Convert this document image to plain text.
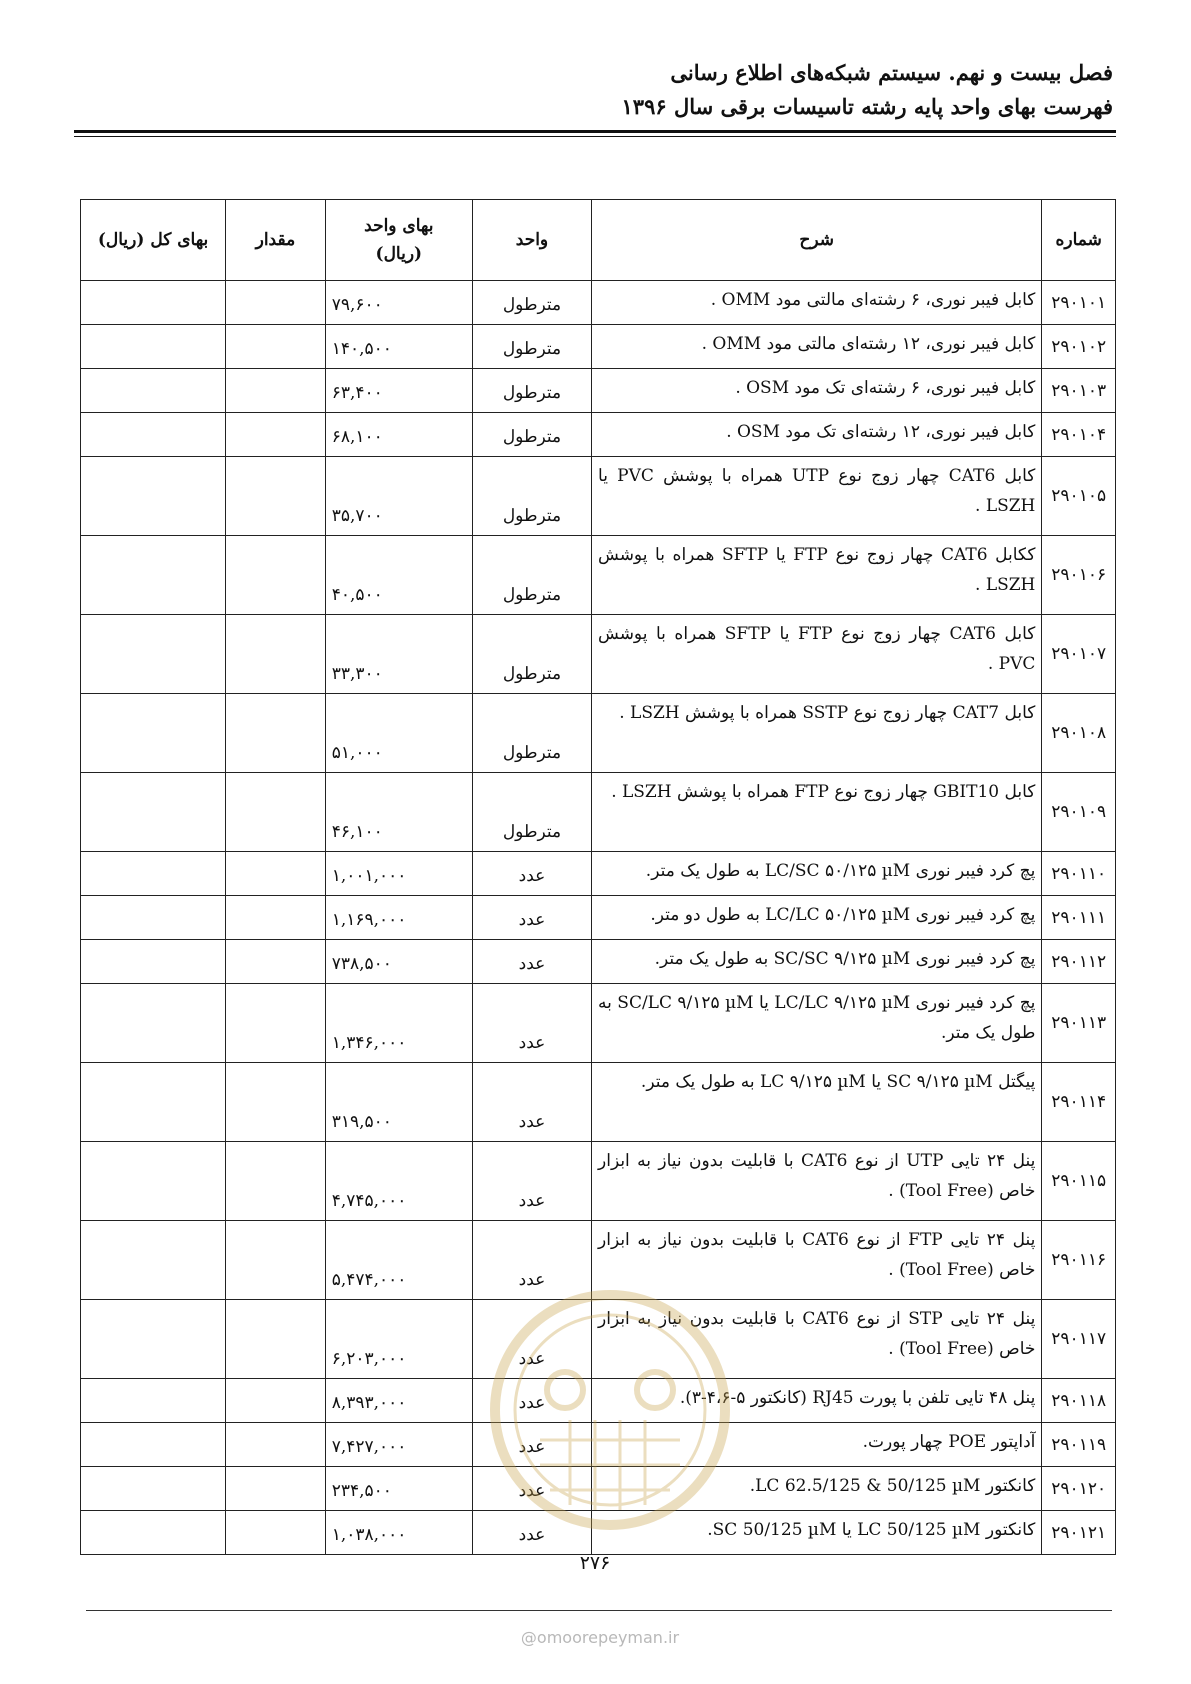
فصل بیست و نهم. سیستم شبکه‌های اطلاع رسانی
فهرست بهای واحد پایه رشته تاسیسات برقی سال ۱۳۹۶
شماره	شرح	واحد	بهای واحد
(ریال)	مقدار	بهای کل (ریال)
۲۹۰۱۰۱	کابل فیبر نوری، ۶ رشته‌ای مالتی مود OMM .	مترطول	۷۹,۶۰۰		
۲۹۰۱۰۲	کابل فیبر نوری، ۱۲ رشته‌ای مالتی مود OMM .	مترطول	۱۴۰,۵۰۰		
۲۹۰۱۰۳	کابل فیبر نوری، ۶ رشته‌ای تک مود OSM .	مترطول	۶۳,۴۰۰		
۲۹۰۱۰۴	کابل فیبر نوری، ۱۲ رشته‌ای تک مود OSM .	مترطول	۶۸,۱۰۰		
۲۹۰۱۰۵	کابل CAT6 چهار زوج نوع UTP همراه با پوشش PVC یا LSZH .	مترطول	۳۵,۷۰۰		
۲۹۰۱۰۶	ککابل CAT6 چهار زوج نوع FTP یا SFTP همراه با پوشش LSZH .	مترطول	۴۰,۵۰۰		
۲۹۰۱۰۷	کابل CAT6 چهار زوج نوع FTP یا SFTP همراه با پوشش PVC .	مترطول	۳۳,۳۰۰		
۲۹۰۱۰۸	کابل CAT7 چهار زوج نوع SSTP همراه با پوشش LSZH .	مترطول	۵۱,۰۰۰		
۲۹۰۱۰۹	کابل GBIT10 چهار زوج نوع FTP همراه با پوشش LSZH .	مترطول	۴۶,۱۰۰		
۲۹۰۱۱۰	پچ کرد فیبر نوری LC/SC ۵۰/۱۲۵ µM به طول یک متر.	عدد	۱,۰۰۱,۰۰۰		
۲۹۰۱۱۱	پچ کرد فیبر نوری LC/LC ۵۰/۱۲۵ µM به طول دو متر.	عدد	۱,۱۶۹,۰۰۰		
۲۹۰۱۱۲	پچ کرد فیبر نوری SC/SC ۹/۱۲۵ µM به طول یک متر.	عدد	۷۳۸,۵۰۰		
۲۹۰۱۱۳	پچ کرد فیبر نوری LC/LC ۹/۱۲۵ µM یا SC/LC ۹/۱۲۵ µM به طول یک متر.	عدد	۱,۳۴۶,۰۰۰		
۲۹۰۱۱۴	پیگتل SC ۹/۱۲۵ µM یا LC ۹/۱۲۵ µM به طول یک متر.	عدد	۳۱۹,۵۰۰		
۲۹۰۱۱۵	پنل ۲۴ تایی UTP از نوع CAT6 با قابلیت بدون نیاز به ابزار خاص (Tool Free) .	عدد	۴,۷۴۵,۰۰۰		
۲۹۰۱۱۶	پنل ۲۴ تایی FTP از نوع CAT6 با قابلیت بدون نیاز به ابزار خاص (Tool Free) .	عدد	۵,۴۷۴,۰۰۰		
۲۹۰۱۱۷	پنل ۲۴ تایی STP از نوع CAT6 با قابلیت بدون نیاز به ابزار خاص (Tool Free) .	عدد	۶,۲۰۳,۰۰۰		
۲۹۰۱۱۸	پنل ۴۸ تایی تلفن با پورت RJ45 (کانکتور ۵-۴،۶-۳).	عدد	۸,۳۹۳,۰۰۰		
۲۹۰۱۱۹	آداپتور POE چهار پورت.	عدد	۷,۴۲۷,۰۰۰		
۲۹۰۱۲۰	کانکتور LC 62.5/125 & 50/125 µM.	عدد	۲۳۴,۵۰۰		
۲۹۰۱۲۱	کانکتور LC 50/125 µM یا SC 50/125 µM.	عدد	۱,۰۳۸,۰۰۰		
۲۷۶
@omoorepeyman.ir
